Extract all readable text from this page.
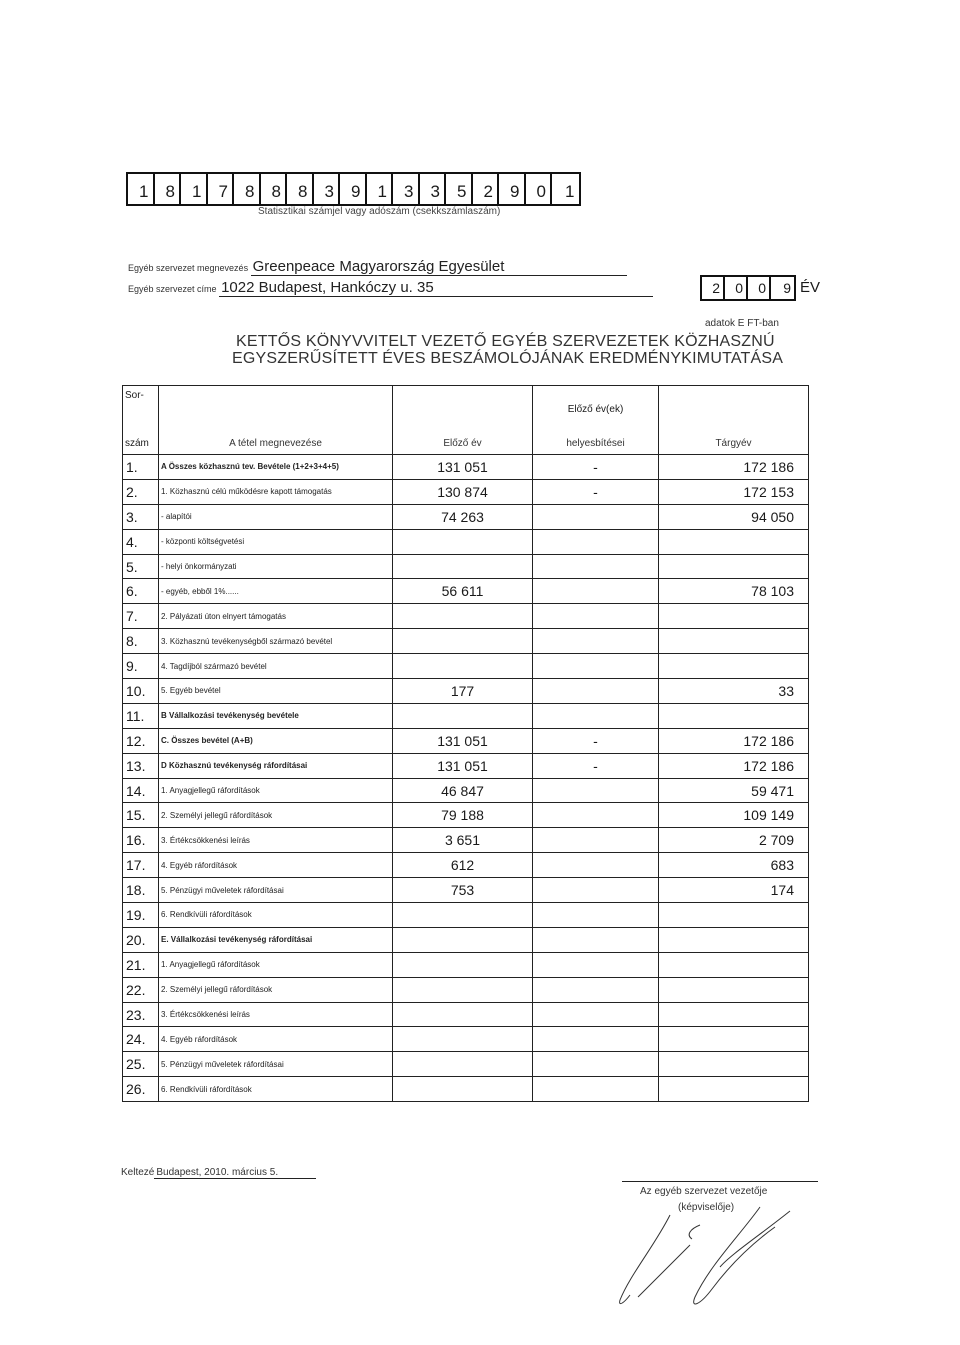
1	8	1	7	8	8	8	3	9	1	3	3	5	2	9	0	1
Statisztikai számjel vagy adószám (csekkszámlaszám)
Egyéb szervezet megnevezés Greenpeace Magyarország Egyesület
Egyéb szervezet címe 1022 Budapest, Hankóczy u. 35	2	0	0	9 ÉV
adatok E FT-ban
KETTŐS KÖNYVVITELT VEZETŐ EGYÉB SZERVEZETEK KÖZHASZNÚ
EGYSZERŰSÍTETT ÉVES BESZÁMOLÓJÁNAK EREDMÉNYKIMUTATÁSA
Sor-			Előző év(ek)	
szám	A tétel megnevezése	Előző év	helyesbítései	Tárgyév
1.	A Összes közhasznú tev. Bevétele (1+2+3+4+5)	131 051	-	172 186
2.	1. Közhasznú célú működésre kapott támogatás	130 874	-	172 153
3.	- alapítói	74 263		94 050
4.	- központi költségvetési			
5.	- helyi önkormányzati			
6.	- egyéb, ebből 1%......	56 611		78 103
7.	2. Pályázati úton elnyert támogatás			
8.	3. Közhasznú tevékenységből származó bevétel			
9.	4. Tagdíjból származó bevétel			
10.	5. Egyéb bevétel	177		33
11.	B Vállalkozási tevékenység bevétele			
12.	C. Összes bevétel (A+B)	131 051	-	172 186
13.	D Közhasznú tevékenység ráfordításai	131 051	-	172 186
14.	1. Anyagjellegű ráfordítások	46 847		59 471
15.	2. Személyi jellegű ráfordítások	79 188		109 149
16.	3. Értékcsökkenési leírás	3 651		2 709
17.	4. Egyéb ráfordítások	612		683
18.	5. Pénzügyi műveletek ráfordításai	753		174
19.	6. Rendkívüli ráfordítások			
20.	E. Vállalkozási tevékenység ráfordításai			
21.	1. Anyagjellegű ráfordítások			
22.	2. Személyi jellegű ráfordítások			
23.	3. Értékcsökkenési leírás			
24.	4. Egyéb ráfordítások			
25.	5. Pénzügyi műveletek ráfordításai			
26.	6. Rendkívüli ráfordítások			
Keltezé Budapest, 2010. március 5.
Az egyéb szervezet vezetője
(képviselője)
